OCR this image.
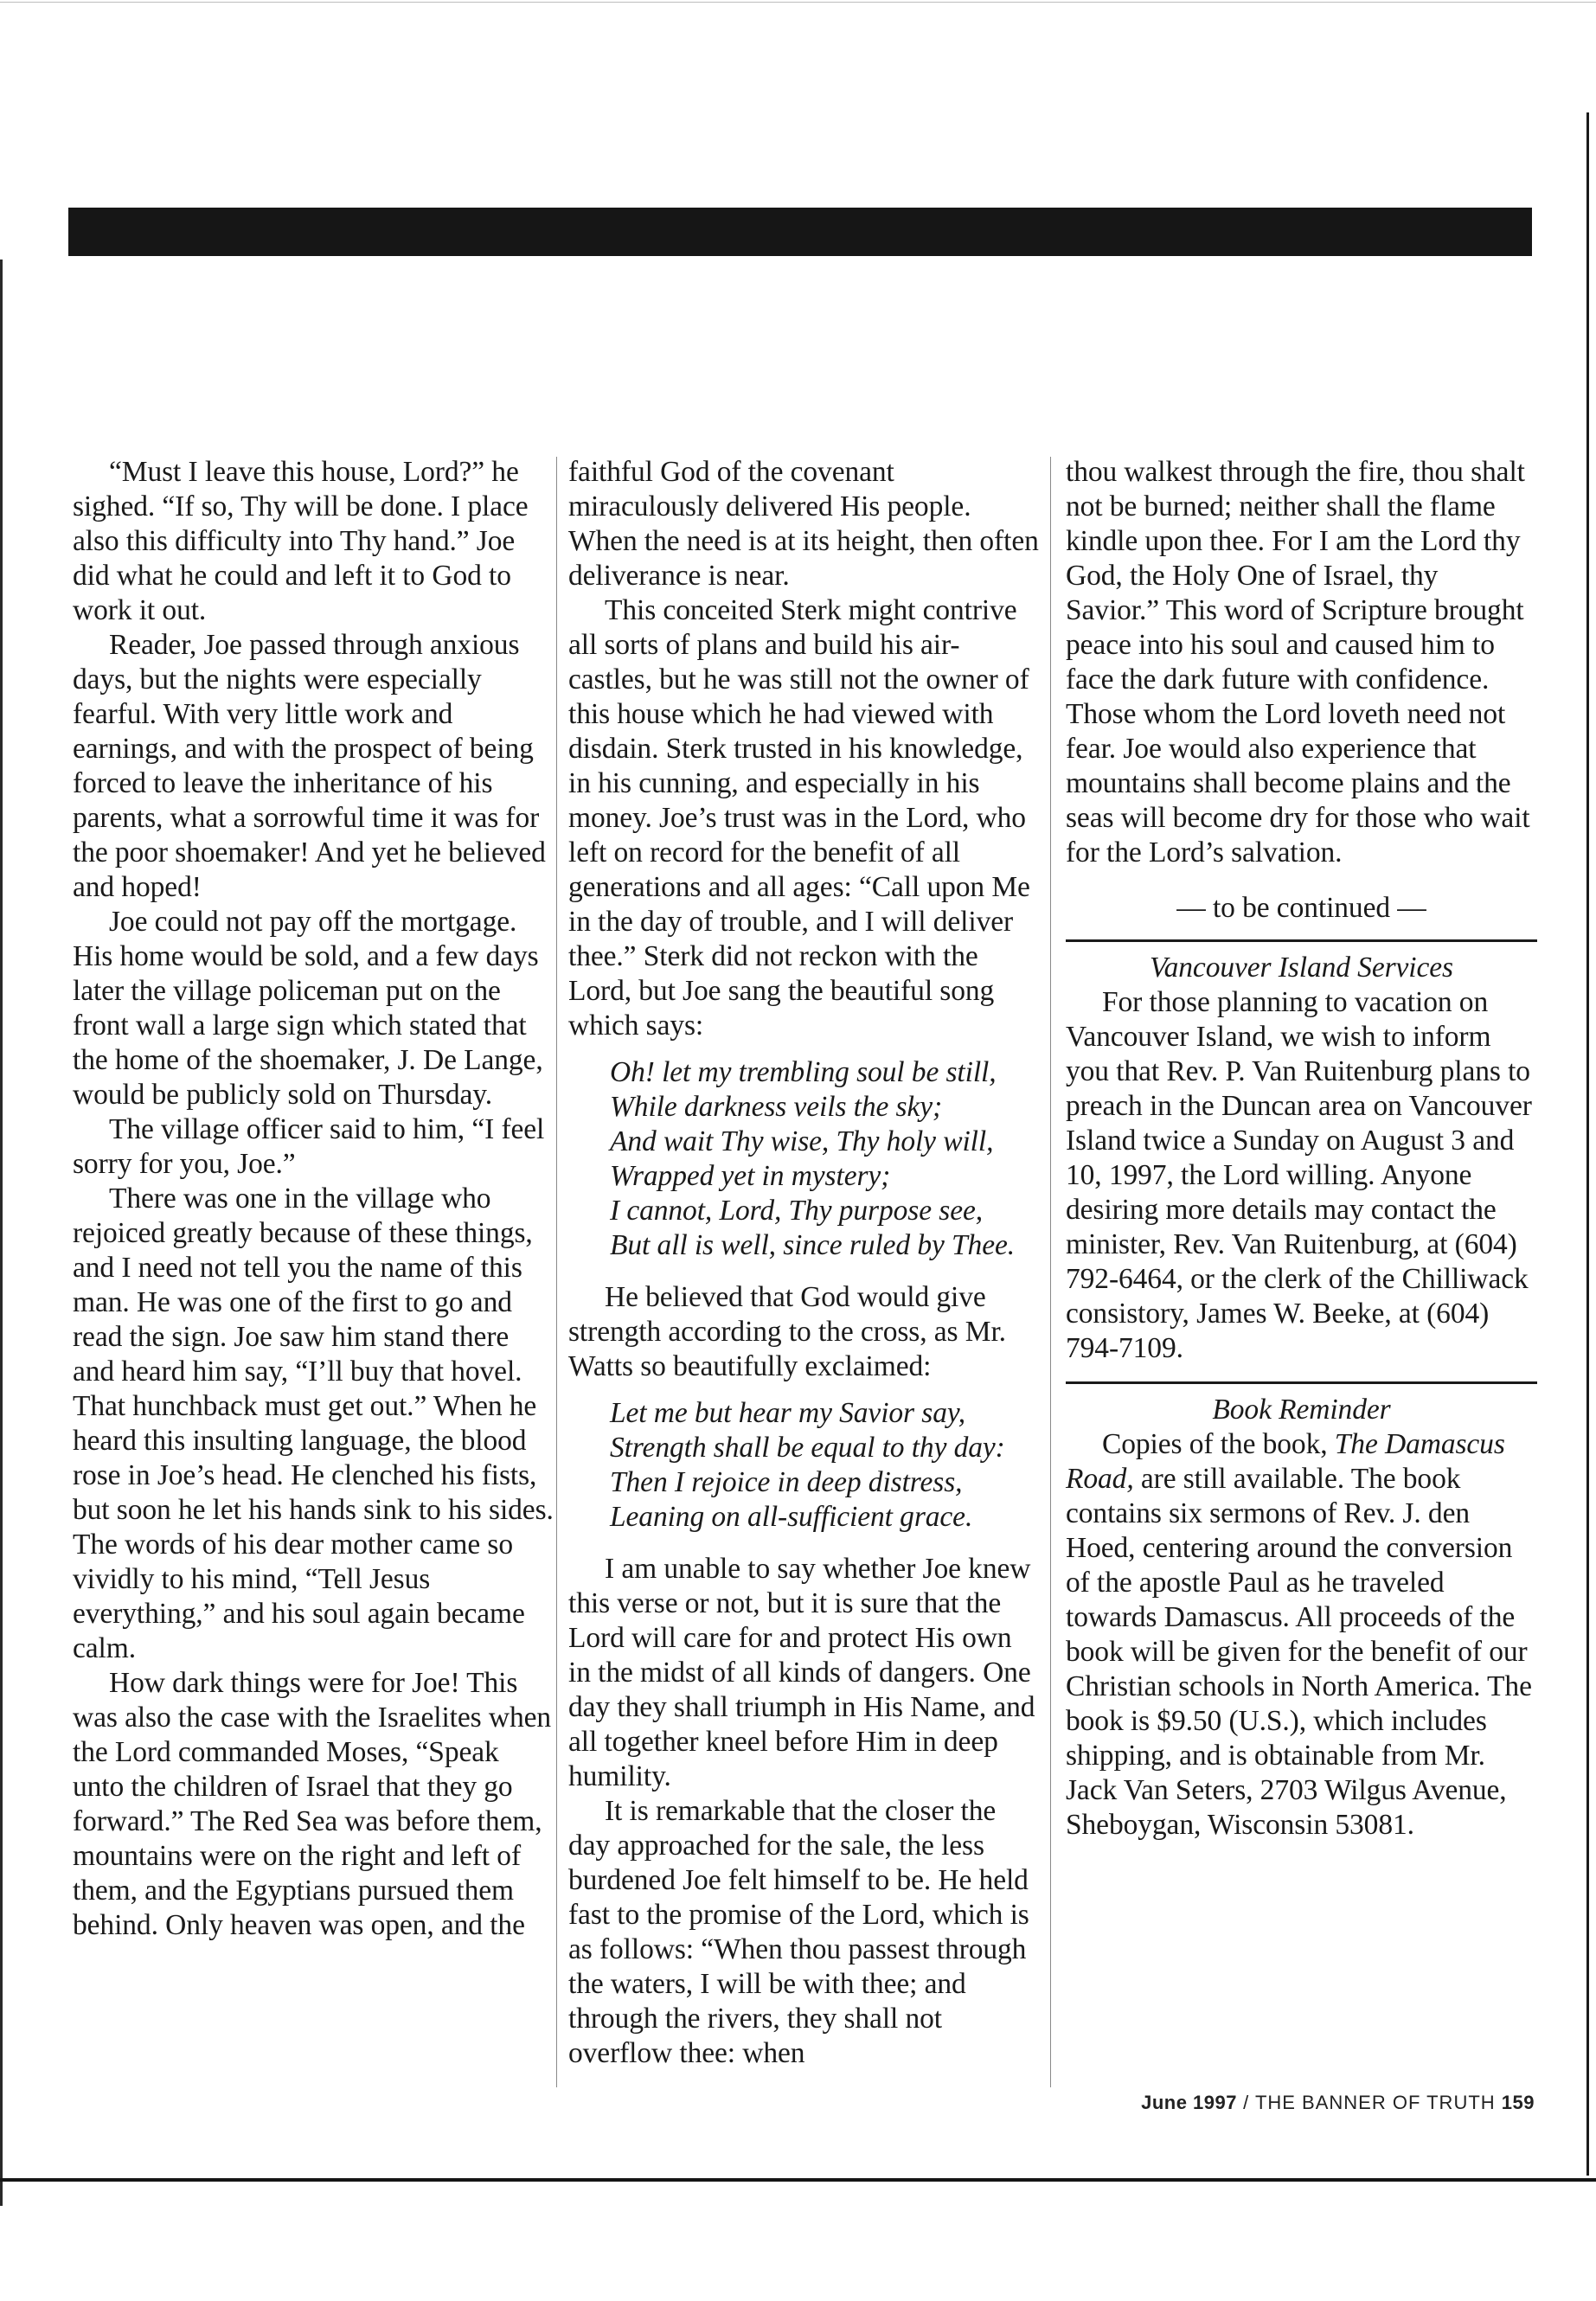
“Must I leave this house, Lord?” he sighed. “If so, Thy will be done. I place also this difficulty into Thy hand.” Joe did what he could and left it to God to work it out.

Reader, Joe passed through anxious days, but the nights were especially fearful. With very little work and earnings, and with the prospect of being forced to leave the inheritance of his parents, what a sorrowful time it was for the poor shoemaker! And yet he believed and hoped!

Joe could not pay off the mortgage. His home would be sold, and a few days later the village policeman put on the front wall a large sign which stated that the home of the shoemaker, J. De Lange, would be publicly sold on Thursday.

The village officer said to him, “I feel sorry for you, Joe.”

There was one in the village who rejoiced greatly because of these things, and I need not tell you the name of this man. He was one of the first to go and read the sign. Joe saw him stand there and heard him say, “I’ll buy that hovel. That hunchback must get out.” When he heard this insulting language, the blood rose in Joe’s head. He clenched his fists, but soon he let his hands sink to his sides. The words of his dear mother came so vividly to his mind, “Tell Jesus everything,” and his soul again became calm.

How dark things were for Joe! This was also the case with the Israelites when the Lord commanded Moses, “Speak unto the children of Israel that they go forward.” The Red Sea was before them, mountains were on the right and left of them, and the Egyptians pursued them behind. Only heaven was open, and the

faithful God of the covenant miraculously delivered His people. When the need is at its height, then often deliverance is near.

This conceited Sterk might contrive all sorts of plans and build his air-castles, but he was still not the owner of this house which he had viewed with disdain. Sterk trusted in his knowledge, in his cunning, and especially in his money. Joe’s trust was in the Lord, who left on record for the benefit of all generations and all ages: “Call upon Me in the day of trouble, and I will deliver thee.” Sterk did not reckon with the Lord, but Joe sang the beautiful song which says:

Oh! let my trembling soul be still,
While darkness veils the sky;
And wait Thy wise, Thy holy will,
Wrapped yet in mystery;
I cannot, Lord, Thy purpose see,
But all is well, since ruled by Thee.

He believed that God would give strength according to the cross, as Mr. Watts so beautifully exclaimed:

Let me but hear my Savior say,
Strength shall be equal to thy day:
Then I rejoice in deep distress,
Leaning on all-sufficient grace.

I am unable to say whether Joe knew this verse or not, but it is sure that the Lord will care for and protect His own in the midst of all kinds of dangers. One day they shall triumph in His Name, and all together kneel before Him in deep humility.

It is remarkable that the closer the day approached for the sale, the less burdened Joe felt himself to be. He held fast to the promise of the Lord, which is as follows: “When thou passest through the waters, I will be with thee; and through the rivers, they shall not overflow thee: when

thou walkest through the fire, thou shalt not be burned; neither shall the flame kindle upon thee. For I am the Lord thy God, the Holy One of Israel, thy Savior.” This word of Scripture brought peace into his soul and caused him to face the dark future with confidence. Those whom the Lord loveth need not fear. Joe would also experience that mountains shall become plains and the seas will become dry for those who wait for the Lord’s salvation.

— to be continued —
Vancouver Island Services

For those planning to vacation on Vancouver Island, we wish to inform you that Rev. P. Van Ruitenburg plans to preach in the Duncan area on Vancouver Island twice a Sunday on August 3 and 10, 1997, the Lord willing. Anyone desiring more details may contact the minister, Rev. Van Ruitenburg, at (604) 792-6464, or the clerk of the Chilliwack consistory, James W. Beeke, at (604) 794-7109.

Book Reminder

Copies of the book, The Damascus Road, are still available. The book contains six sermons of Rev. J. den Hoed, centering around the conversion of the apostle Paul as he traveled towards Damascus. All proceeds of the book will be given for the benefit of our Christian schools in North America. The book is $9.50 (U.S.), which includes shipping, and is obtainable from Mr. Jack Van Seters, 2703 Wilgus Avenue, Sheboygan, Wisconsin 53081.

June 1997 / THE BANNER OF TRUTH 159
